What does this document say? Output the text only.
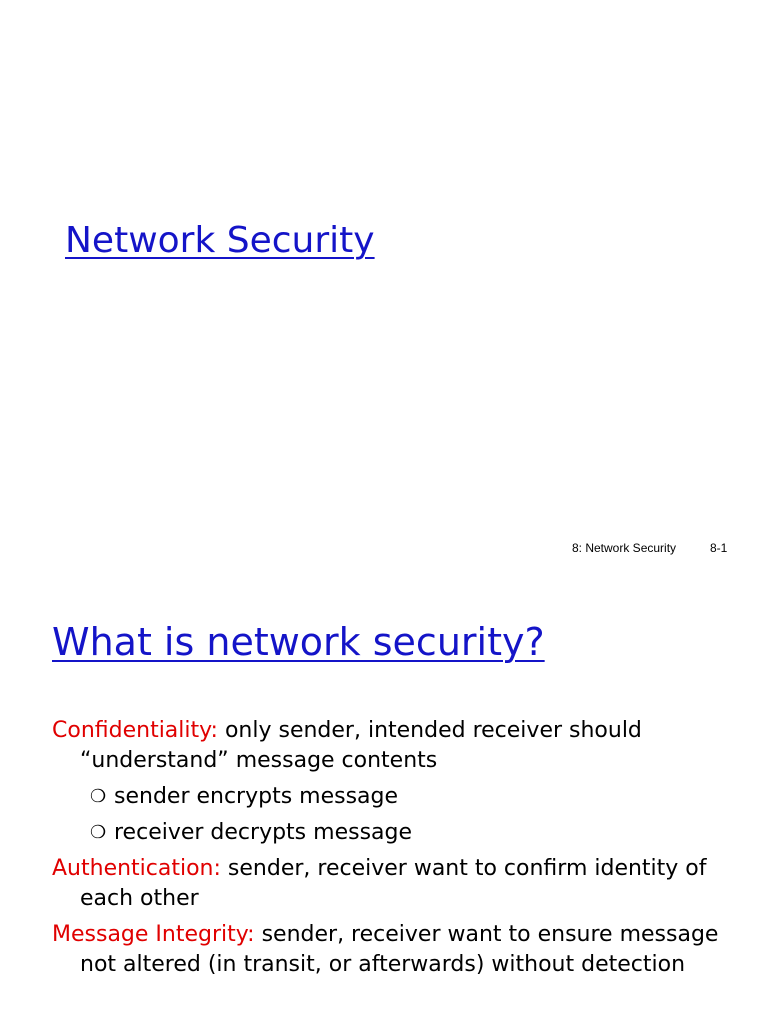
Network Security
8: Network Security	8-1
What is network security?

Confidentiality: only sender, intended receiver should “understand” message contents

❍ sender encrypts message
❍ receiver decrypts message

Authentication: sender, receiver want to confirm identity of each other

Message Integrity: sender, receiver want to ensure message not altered (in transit, or afterwards) without detection
